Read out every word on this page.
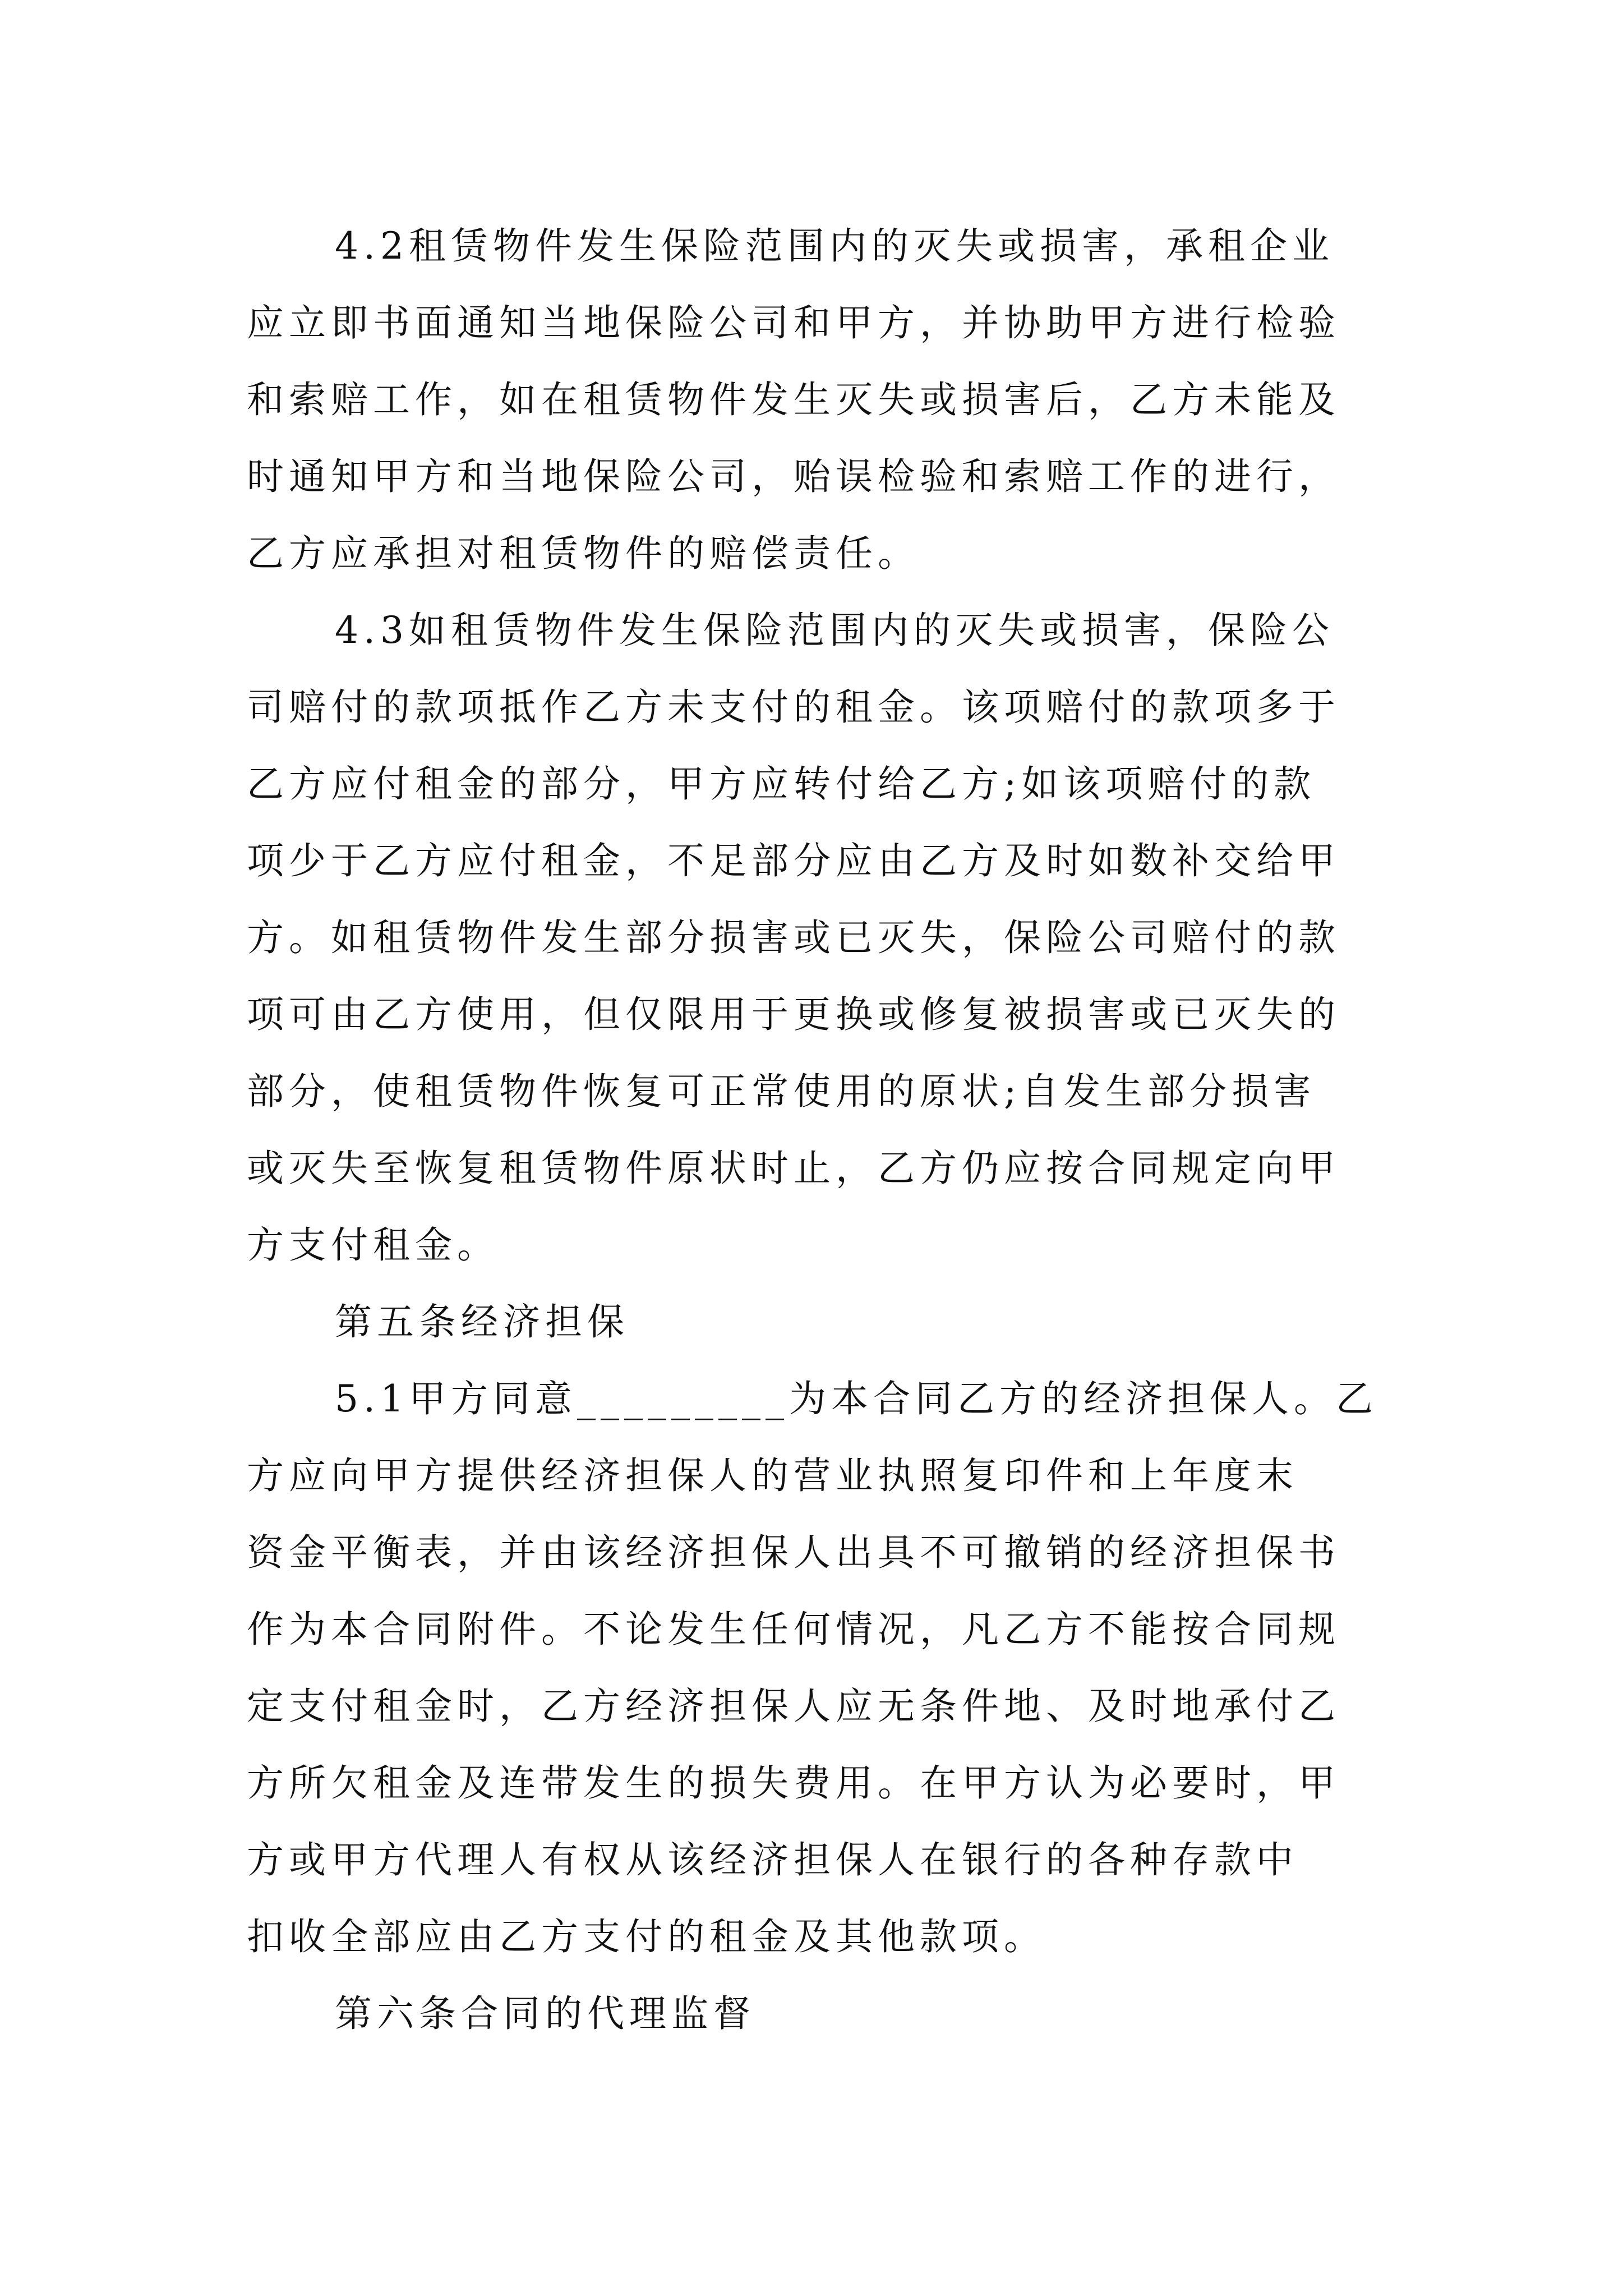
4.2租赁物件发生保险范围内的灭失或损害，承租企业
应立即书面通知当地保险公司和甲方，并协助甲方进行检验
和索赔工作，如在租赁物件发生灭失或损害后，乙方未能及
时通知甲方和当地保险公司，贻误检验和索赔工作的进行，
乙方应承担对租赁物件的赔偿责任。
4.3如租赁物件发生保险范围内的灭失或损害，保险公
司赔付的款项抵作乙方未支付的租金。该项赔付的款项多于
乙方应付租金的部分，甲方应转付给乙方;如该项赔付的款
项少于乙方应付租金，不足部分应由乙方及时如数补交给甲
方。如租赁物件发生部分损害或已灭失，保险公司赔付的款
项可由乙方使用，但仅限用于更换或修复被损害或已灭失的
部分，使租赁物件恢复可正常使用的原状;自发生部分损害
或灭失至恢复租赁物件原状时止，乙方仍应按合同规定向甲
方支付租金。
第五条经济担保
5.1甲方同意_________为本合同乙方的经济担保人。乙
方应向甲方提供经济担保人的营业执照复印件和上年度末
资金平衡表，并由该经济担保人出具不可撤销的经济担保书
作为本合同附件。不论发生任何情况，凡乙方不能按合同规
定支付租金时，乙方经济担保人应无条件地、及时地承付乙
方所欠租金及连带发生的损失费用。在甲方认为必要时，甲
方或甲方代理人有权从该经济担保人在银行的各种存款中
扣收全部应由乙方支付的租金及其他款项。
第六条合同的代理监督
